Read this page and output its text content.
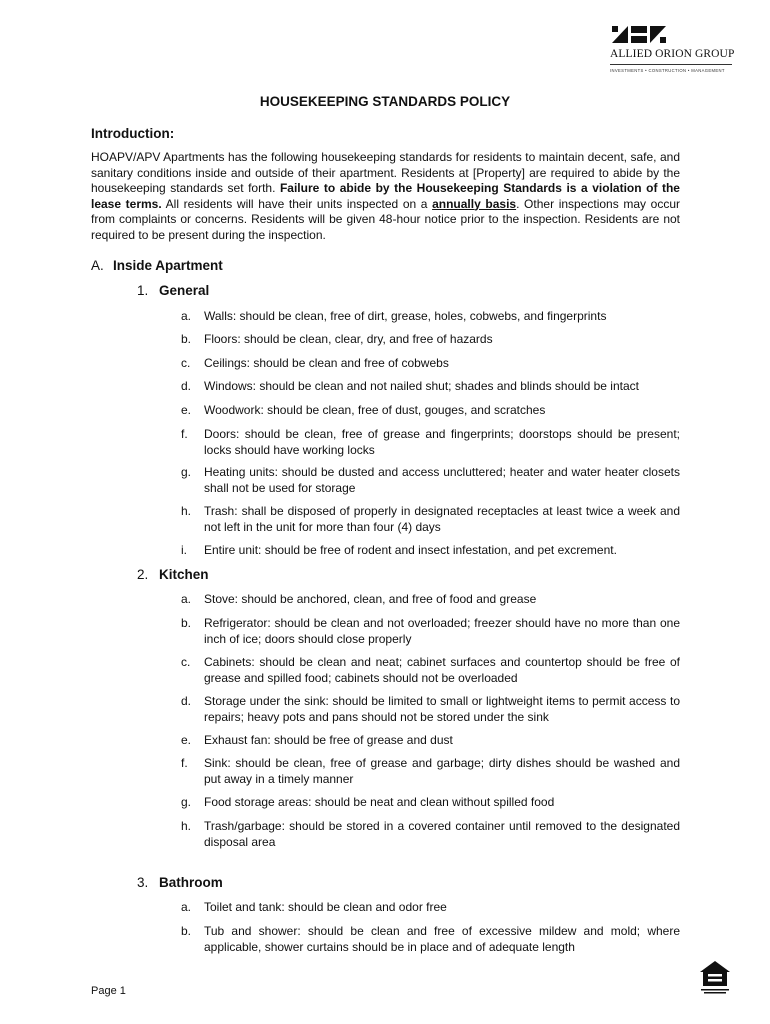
ALLIED ORION GROUP
INVESTMENTS • CONSTRUCTION • MANAGEMENT
HOUSEKEEPING STANDARDS POLICY
Introduction:
HOAPV/APV Apartments has the following housekeeping standards for residents to maintain decent, safe, and sanitary conditions inside and outside of their apartment. Residents at [Property] are required to abide by the housekeeping standards set forth. Failure to abide by the Housekeeping Standards is a violation of the lease terms. All residents will have their units inspected on a annually basis. Other inspections may occur from complaints or concerns. Residents will be given 48-hour notice prior to the inspection. Residents are not required to be present during the inspection.
A. Inside Apartment
1. General
a.	Walls: should be clean, free of dirt, grease, holes, cobwebs, and fingerprints
b.	Floors: should be clean, clear, dry, and free of hazards
c.	Ceilings: should be clean and free of cobwebs
d.	Windows: should be clean and not nailed shut; shades and blinds should be intact
e.	Woodwork: should be clean, free of dust, gouges, and scratches
f.	Doors: should be clean, free of grease and fingerprints; doorstops should be present; locks should have working locks
g.	Heating units: should be dusted and access uncluttered; heater and water heater closets shall not be used for storage
h.	Trash: shall be disposed of properly in designated receptacles at least twice a week and not left in the unit for more than four (4) days
i.	Entire unit: should be free of rodent and insect infestation, and pet excrement.
2. Kitchen
a.	Stove: should be anchored, clean, and free of food and grease
b.	Refrigerator: should be clean and not overloaded; freezer should have no more than one inch of ice; doors should close properly
c.	Cabinets: should be clean and neat; cabinet surfaces and countertop should be free of grease and spilled food; cabinets should not be overloaded
d.	Storage under the sink: should be limited to small or lightweight items to permit access to repairs; heavy pots and pans should not be stored under the sink
e.	Exhaust fan: should be free of grease and dust
f.	Sink: should be clean, free of grease and garbage; dirty dishes should be washed and put away in a timely manner
g.	Food storage areas: should be neat and clean without spilled food
h.	Trash/garbage: should be stored in a covered container until removed to the designated disposal area
3. Bathroom
a.	Toilet and tank: should be clean and odor free
b.	Tub and shower: should be clean and free of excessive mildew and mold; where applicable, shower curtains should be in place and of adequate length
Page 1
